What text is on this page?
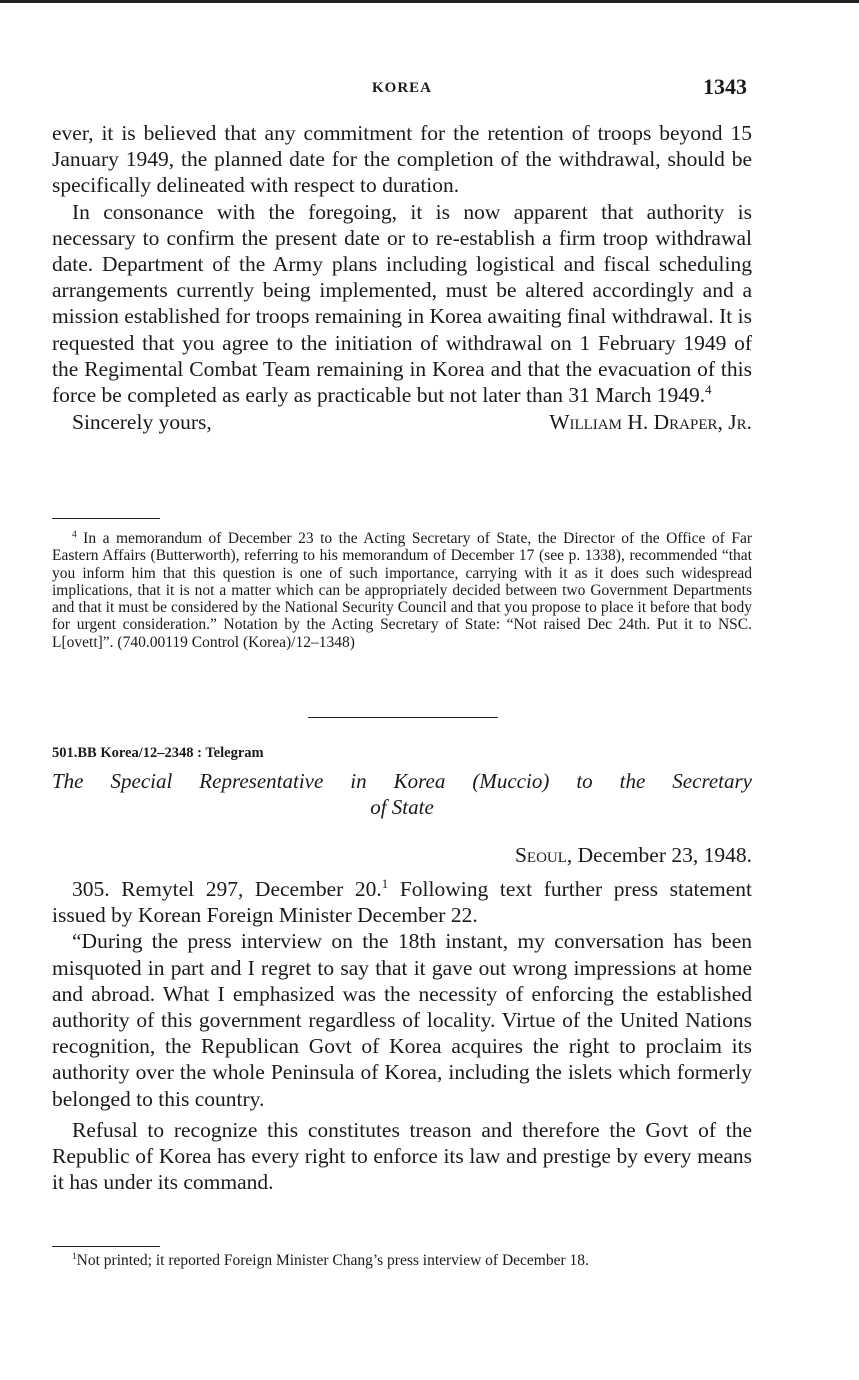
KOREA	1343

ever, it is believed that any commitment for the retention of troops beyond 15 January 1949, the planned date for the completion of the withdrawal, should be specifically delineated with respect to duration.

In consonance with the foregoing, it is now apparent that authority is necessary to confirm the present date or to re-establish a firm troop withdrawal date. Department of the Army plans including logistical and fiscal scheduling arrangements currently being implemented, must be altered accordingly and a mission established for troops remaining in Korea awaiting final withdrawal. It is requested that you agree to the initiation of withdrawal on 1 February 1949 of the Regimental Combat Team remaining in Korea and that the evacuation of this force be completed as early as practicable but not later than 31 March 1949.$^4$

Sincerely yours,	William H. Draper, Jr.

$^4$ In a memorandum of December 23 to the Acting Secretary of State, the Director of the Office of Far Eastern Affairs (Butterworth), referring to his memorandum of December 17 (see p. 1338), recommended “that you inform him that this question is one of such importance, carrying with it as it does such widespread implications, that it is not a matter which can be appropriately decided between two Government Departments and that it must be considered by the National Security Council and that you propose to place it before that body for urgent consideration.” Notation by the Acting Secretary of State: “Not raised Dec 24th. Put it to NSC. L[ovett]”. (740.00119 Control (Korea)/12–1348)

501.BB Korea/12–2348 : Telegram
The Special Representative in Korea (Muccio) to the Secretary
of State
Seoul, December 23, 1948.

305. Remytel 297, December 20.$^1$ Following text further press statement issued by Korean Foreign Minister December 22.

“During the press interview on the 18th instant, my conversation has been misquoted in part and I regret to say that it gave out wrong impressions at home and abroad. What I emphasized was the necessity of enforcing the established authority of this government regardless of locality. Virtue of the United Nations recognition, the Republican Govt of Korea acquires the right to proclaim its authority over the whole Peninsula of Korea, including the islets which formerly belonged to this country.

Refusal to recognize this constitutes treason and therefore the Govt of the Republic of Korea has every right to enforce its law and prestige by every means it has under its command.

$^1$Not printed; it reported Foreign Minister Chang’s press interview of December 18.
